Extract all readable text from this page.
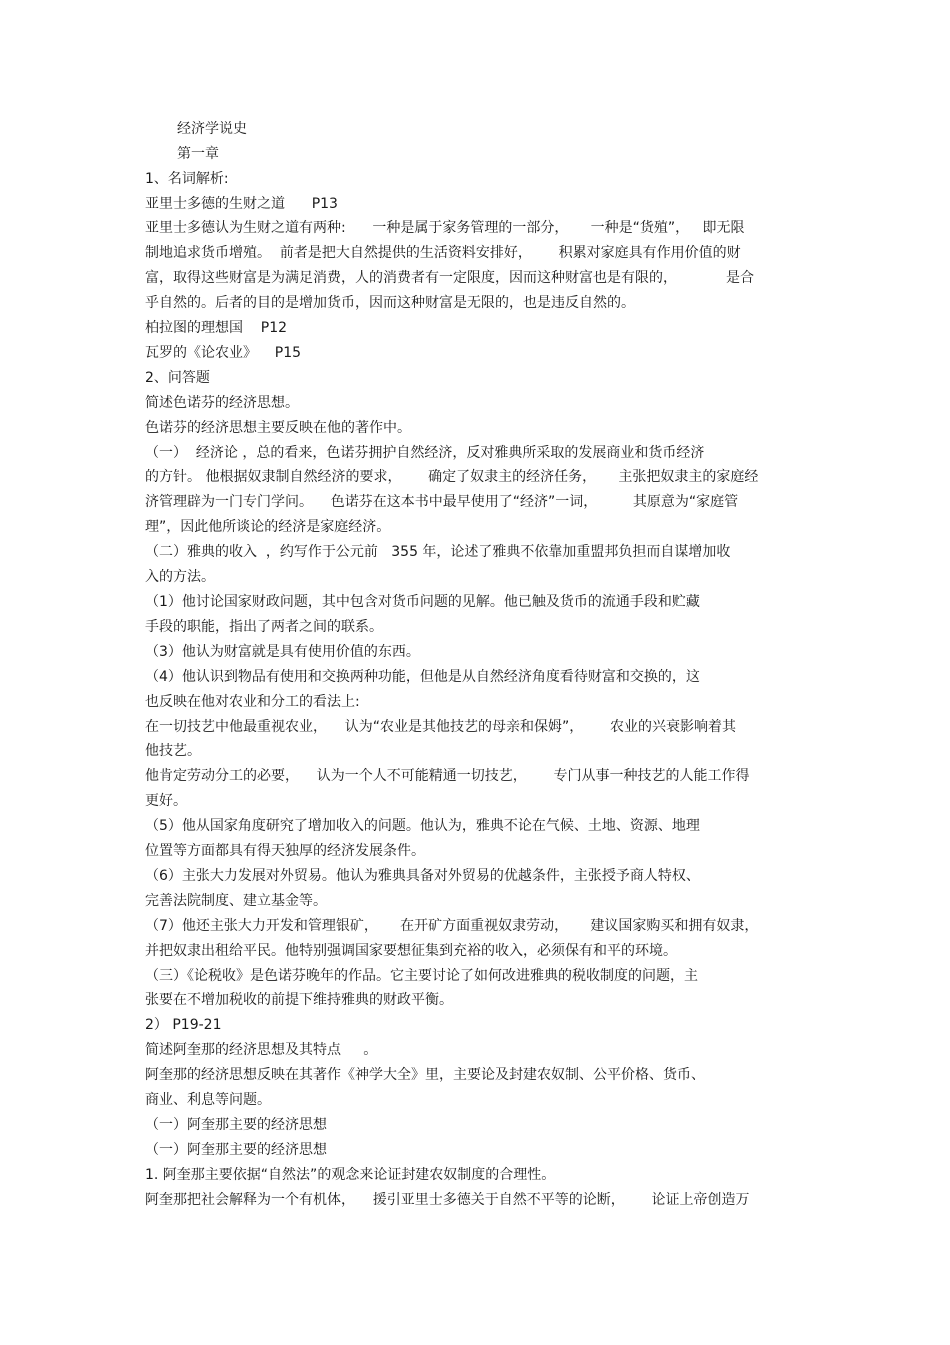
经济学说史
第一章
1、名词解析:
亚里士多德的生财之道      P13
亚里士多德认为生财之道有两种:      一种是属于家务管理的一部分，     一种是“货殖”，   即无限
制地追求货币增殖。  前者是把大自然提供的生活资料安排好，      积累对家庭具有作用价值的财
富，取得这些财富是为满足消费，人的消费者有一定限度，因而这种财富也是有限的，           是合
乎自然的。后者的目的是增加货币，因而这种财富是无限的，也是违反自然的。
柏拉图的理想国    P12
瓦罗的《论农业》    P15
2、问答题
简述色诺芬的经济思想。
色诺芬的经济思想主要反映在他的著作中。
（一）  经济论 ，总的看来，色诺芬拥护自然经济，反对雅典所采取的发展商业和货币经济
的方针。 他根据奴隶制自然经济的要求，      确定了奴隶主的经济任务，     主张把奴隶主的家庭经
济管理辟为一门专门学问。    色诺芬在这本书中最早使用了“经济”一词，        其原意为“家庭管
理”，因此他所谈论的经济是家庭经济。
（二）雅典的收入  ，约写作于公元前   355 年，论述了雅典不依靠加重盟邦负担而自谋增加收
入的方法。
（1）他讨论国家财政问题，其中包含对货币问题的见解。他已触及货币的流通手段和贮藏
手段的职能，指出了两者之间的联系。
（3）他认为财富就是具有使用价值的东西。
（4）他认识到物品有使用和交换两种功能，但他是从自然经济角度看待财富和交换的，这
也反映在他对农业和分工的看法上:
在一切技艺中他最重视农业，    认为“农业是其他技艺的母亲和保姆”，      农业的兴衰影响着其
他技艺。
他肯定劳动分工的必要，    认为一个人不可能精通一切技艺，      专门从事一种技艺的人能工作得
更好。
（5）他从国家角度研究了增加收入的问题。他认为，雅典不论在气候、土地、资源、地理
位置等方面都具有得天独厚的经济发展条件。
（6）主张大力发展对外贸易。他认为雅典具备对外贸易的优越条件，主张授予商人特权、
完善法院制度、建立基金等。
（7）他还主张大力开发和管理银矿，     在开矿方面重视奴隶劳动，     建议国家购买和拥有奴隶，
并把奴隶出租给平民。他特别强调国家要想征集到充裕的收入，必须保有和平的环境。
（三）《论税收》是色诺芬晚年的作品。它主要讨论了如何改进雅典的税收制度的问题，主
张要在不增加税收的前提下维持雅典的财政平衡。
2） P19-21
简述阿奎那的经济思想及其特点     。
阿奎那的经济思想反映在其著作《神学大全》里，主要论及封建农奴制、公平价格、货币、
商业、利息等问题。
（一）阿奎那主要的经济思想
（一）阿奎那主要的经济思想
1. 阿奎那主要依据“自然法”的观念来论证封建农奴制度的合理性。
阿奎那把社会解释为一个有机体，    援引亚里士多德关于自然不平等的论断，      论证上帝创造万
